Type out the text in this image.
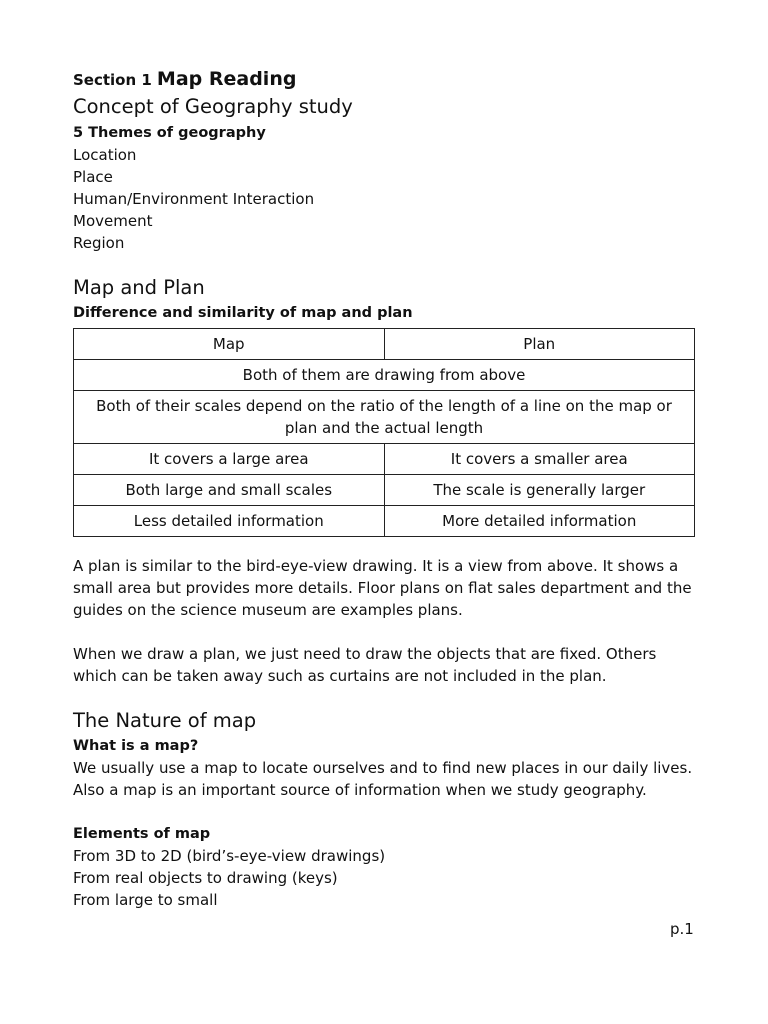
Section 1 Map Reading

Concept of Geography study

5 Themes of geography

Location

Place

Human/Environment Interaction

Movement

Region

Map and Plan

Difference and similarity of map and plan

Map	Plan
Both of them are drawing from above	
Both of their scales depend on the ratio of the length of a line on the map or plan and the actual length	
It covers a large area	It covers a smaller area
Both large and small scales	The scale is generally larger
Less detailed information	More detailed information

A plan is similar to the bird-eye-view drawing. It is a view from above. It shows a

small area but provides more details. Floor plans on flat sales department and the

guides on the science museum are examples plans.

When we draw a plan, we just need to draw the objects that are fixed. Others

which can be taken away such as curtains are not included in the plan.

The Nature of map

What is a map?

We usually use a map to locate ourselves and to find new places in our daily lives.

Also a map is an important source of information when we study geography.

Elements of map

From 3D to 2D (bird’s-eye-view drawings)

From real objects to drawing (keys)

From large to small

p.1
